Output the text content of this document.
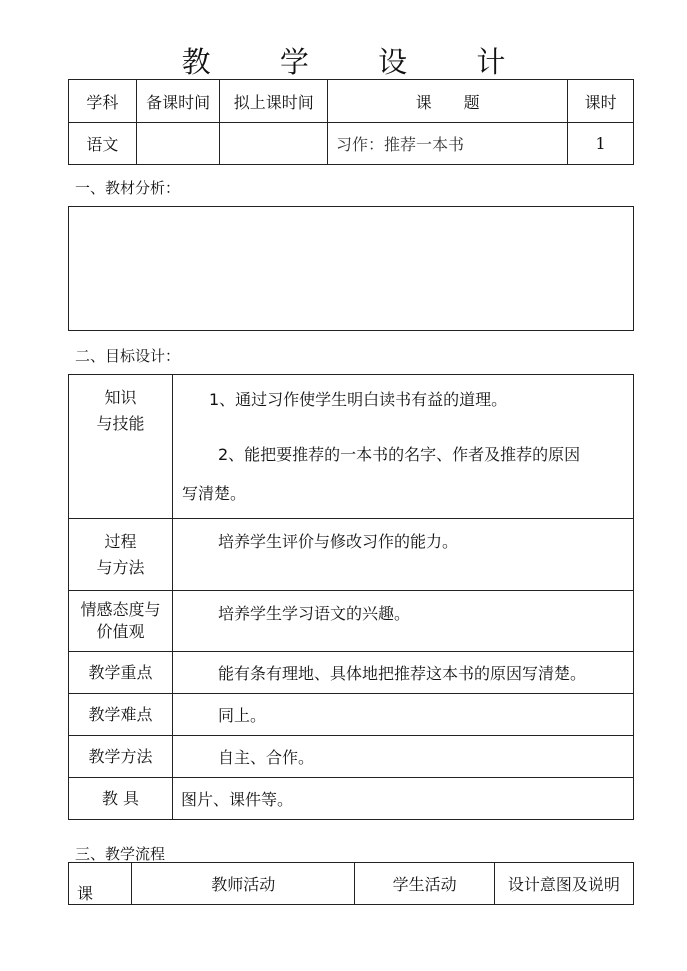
教 学 设 计
学科	备课时间	拟上课时间	课　　题	课时
语文			习作：推荐一本书	1
一、教材分析：
二、目标设计：
知识
与技能	1、通过习作使学生明白读书有益的道理。
2、能把要推荐的一本书的名字、作者及推荐的原因
写清楚。

过程
与方法	培养学生评价与修改习作的能力。

情感态度与
价值观	培养学生学习语文的兴趣。
教学重点	能有条有理地、具体地把推荐这本书的原因写清楚。
教学难点	同上。
教学方法	自主、合作。
教 具	图片、课件等。
三、教学流程
课	教师活动	学生活动	设计意图及说明
